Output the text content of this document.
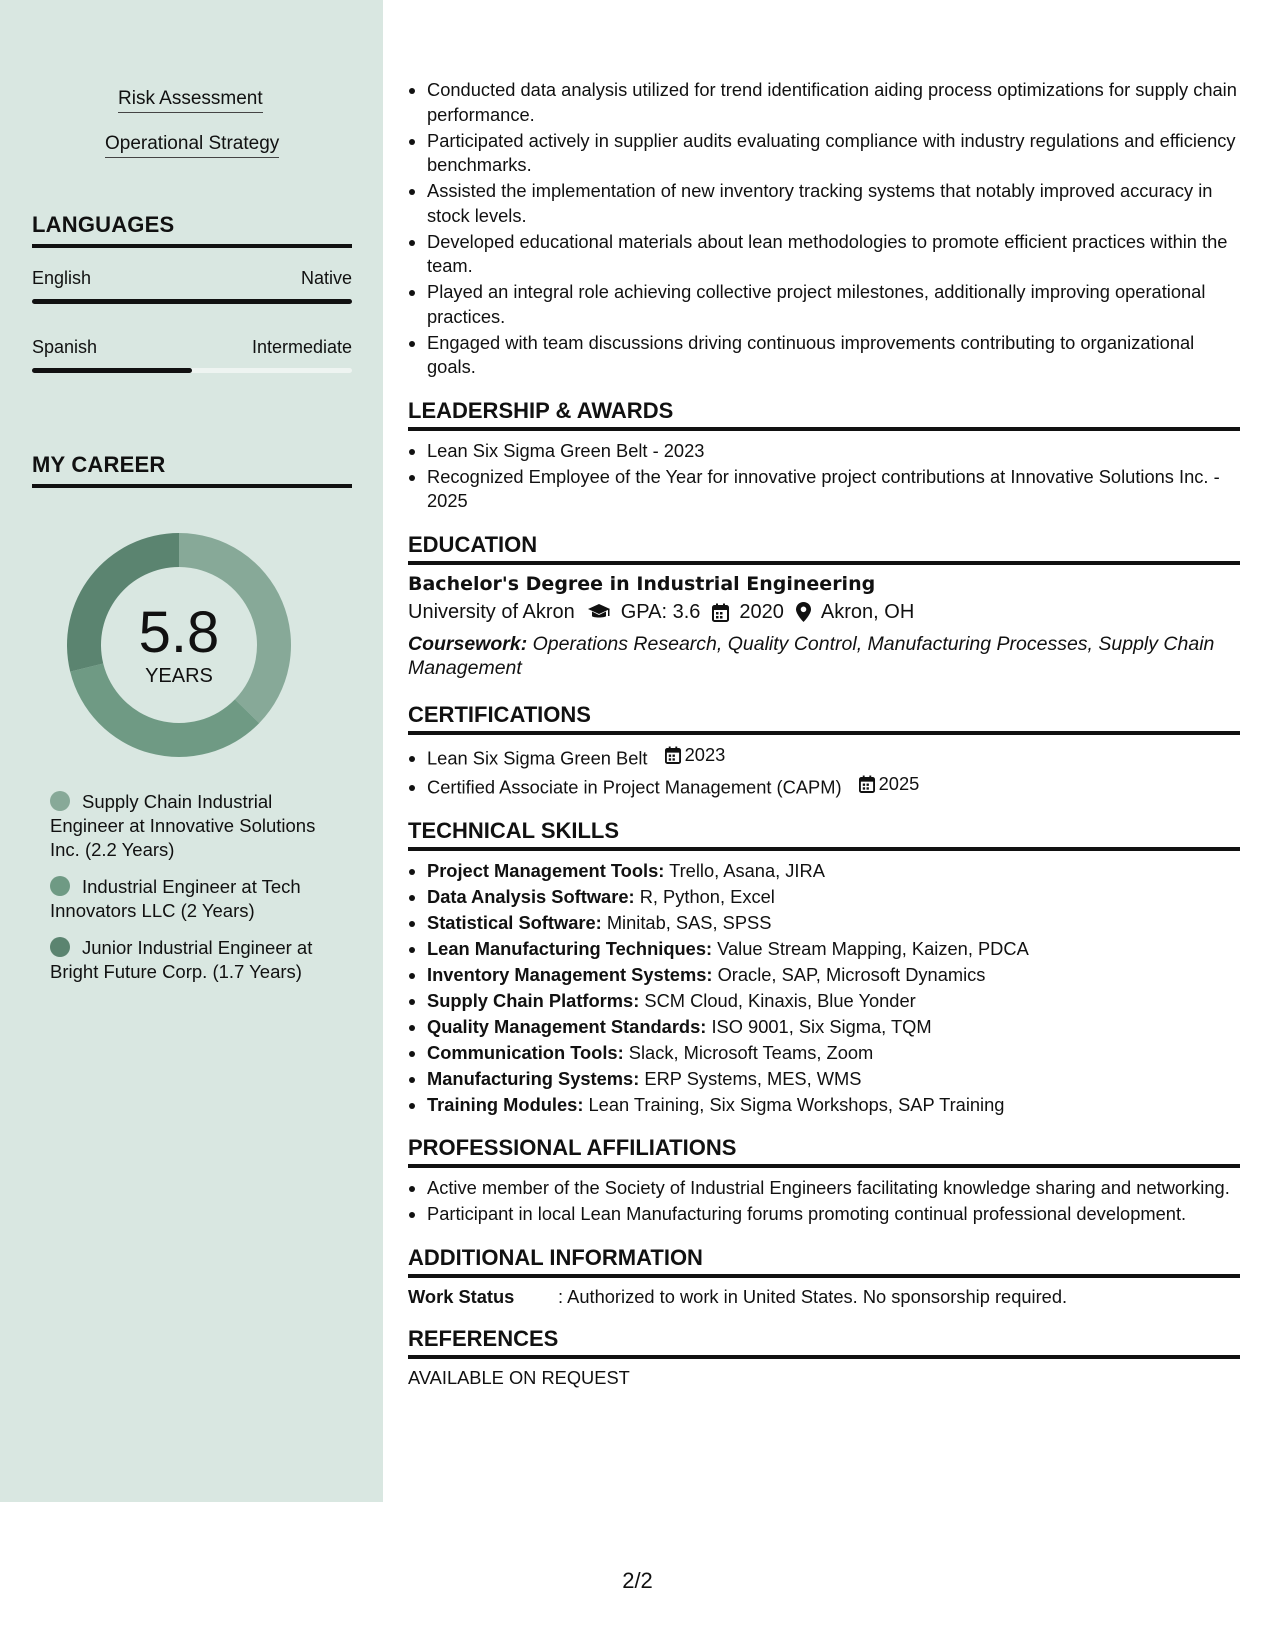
Risk Assessment
Operational Strategy
LANGUAGES
English	Native
Spanish	Intermediate
MY CAREER
5.8
YEARS
Supply Chain Industrial Engineer at Innovative Solutions Inc. (2.2 Years)
Industrial Engineer at Tech Innovators LLC (2 Years)
Junior Industrial Engineer at Bright Future Corp. (1.7 Years)
• Conducted data analysis utilized for trend identification aiding process optimizations for supply chain performance.
• Participated actively in supplier audits evaluating compliance with industry regulations and efficiency benchmarks.
• Assisted the implementation of new inventory tracking systems that notably improved accuracy in stock levels.
• Developed educational materials about lean methodologies to promote efficient practices within the team.
• Played an integral role achieving collective project milestones, additionally improving operational practices.
• Engaged with team discussions driving continuous improvements contributing to organizational goals.
LEADERSHIP & AWARDS
• Lean Six Sigma Green Belt - 2023
• Recognized Employee of the Year for innovative project contributions at Innovative Solutions Inc. - 2025
EDUCATION
Bachelor's Degree in Industrial Engineering
University of Akron GPA: 3.6 2020 Akron, OH
Coursework: Operations Research, Quality Control, Manufacturing Processes, Supply Chain Management
CERTIFICATIONS
• Lean Six Sigma Green Belt 2023
• Certified Associate in Project Management (CAPM) 2025
TECHNICAL SKILLS
• Project Management Tools: Trello, Asana, JIRA
• Data Analysis Software: R, Python, Excel
• Statistical Software: Minitab, SAS, SPSS
• Lean Manufacturing Techniques: Value Stream Mapping, Kaizen, PDCA
• Inventory Management Systems: Oracle, SAP, Microsoft Dynamics
• Supply Chain Platforms: SCM Cloud, Kinaxis, Blue Yonder
• Quality Management Standards: ISO 9001, Six Sigma, TQM
• Communication Tools: Slack, Microsoft Teams, Zoom
• Manufacturing Systems: ERP Systems, MES, WMS
• Training Modules: Lean Training, Six Sigma Workshops, SAP Training
PROFESSIONAL AFFILIATIONS
• Active member of the Society of Industrial Engineers facilitating knowledge sharing and networking.
• Participant in local Lean Manufacturing forums promoting continual professional development.
ADDITIONAL INFORMATION
Work Status	: Authorized to work in United States. No sponsorship required.
REFERENCES
AVAILABLE ON REQUEST
2/2
